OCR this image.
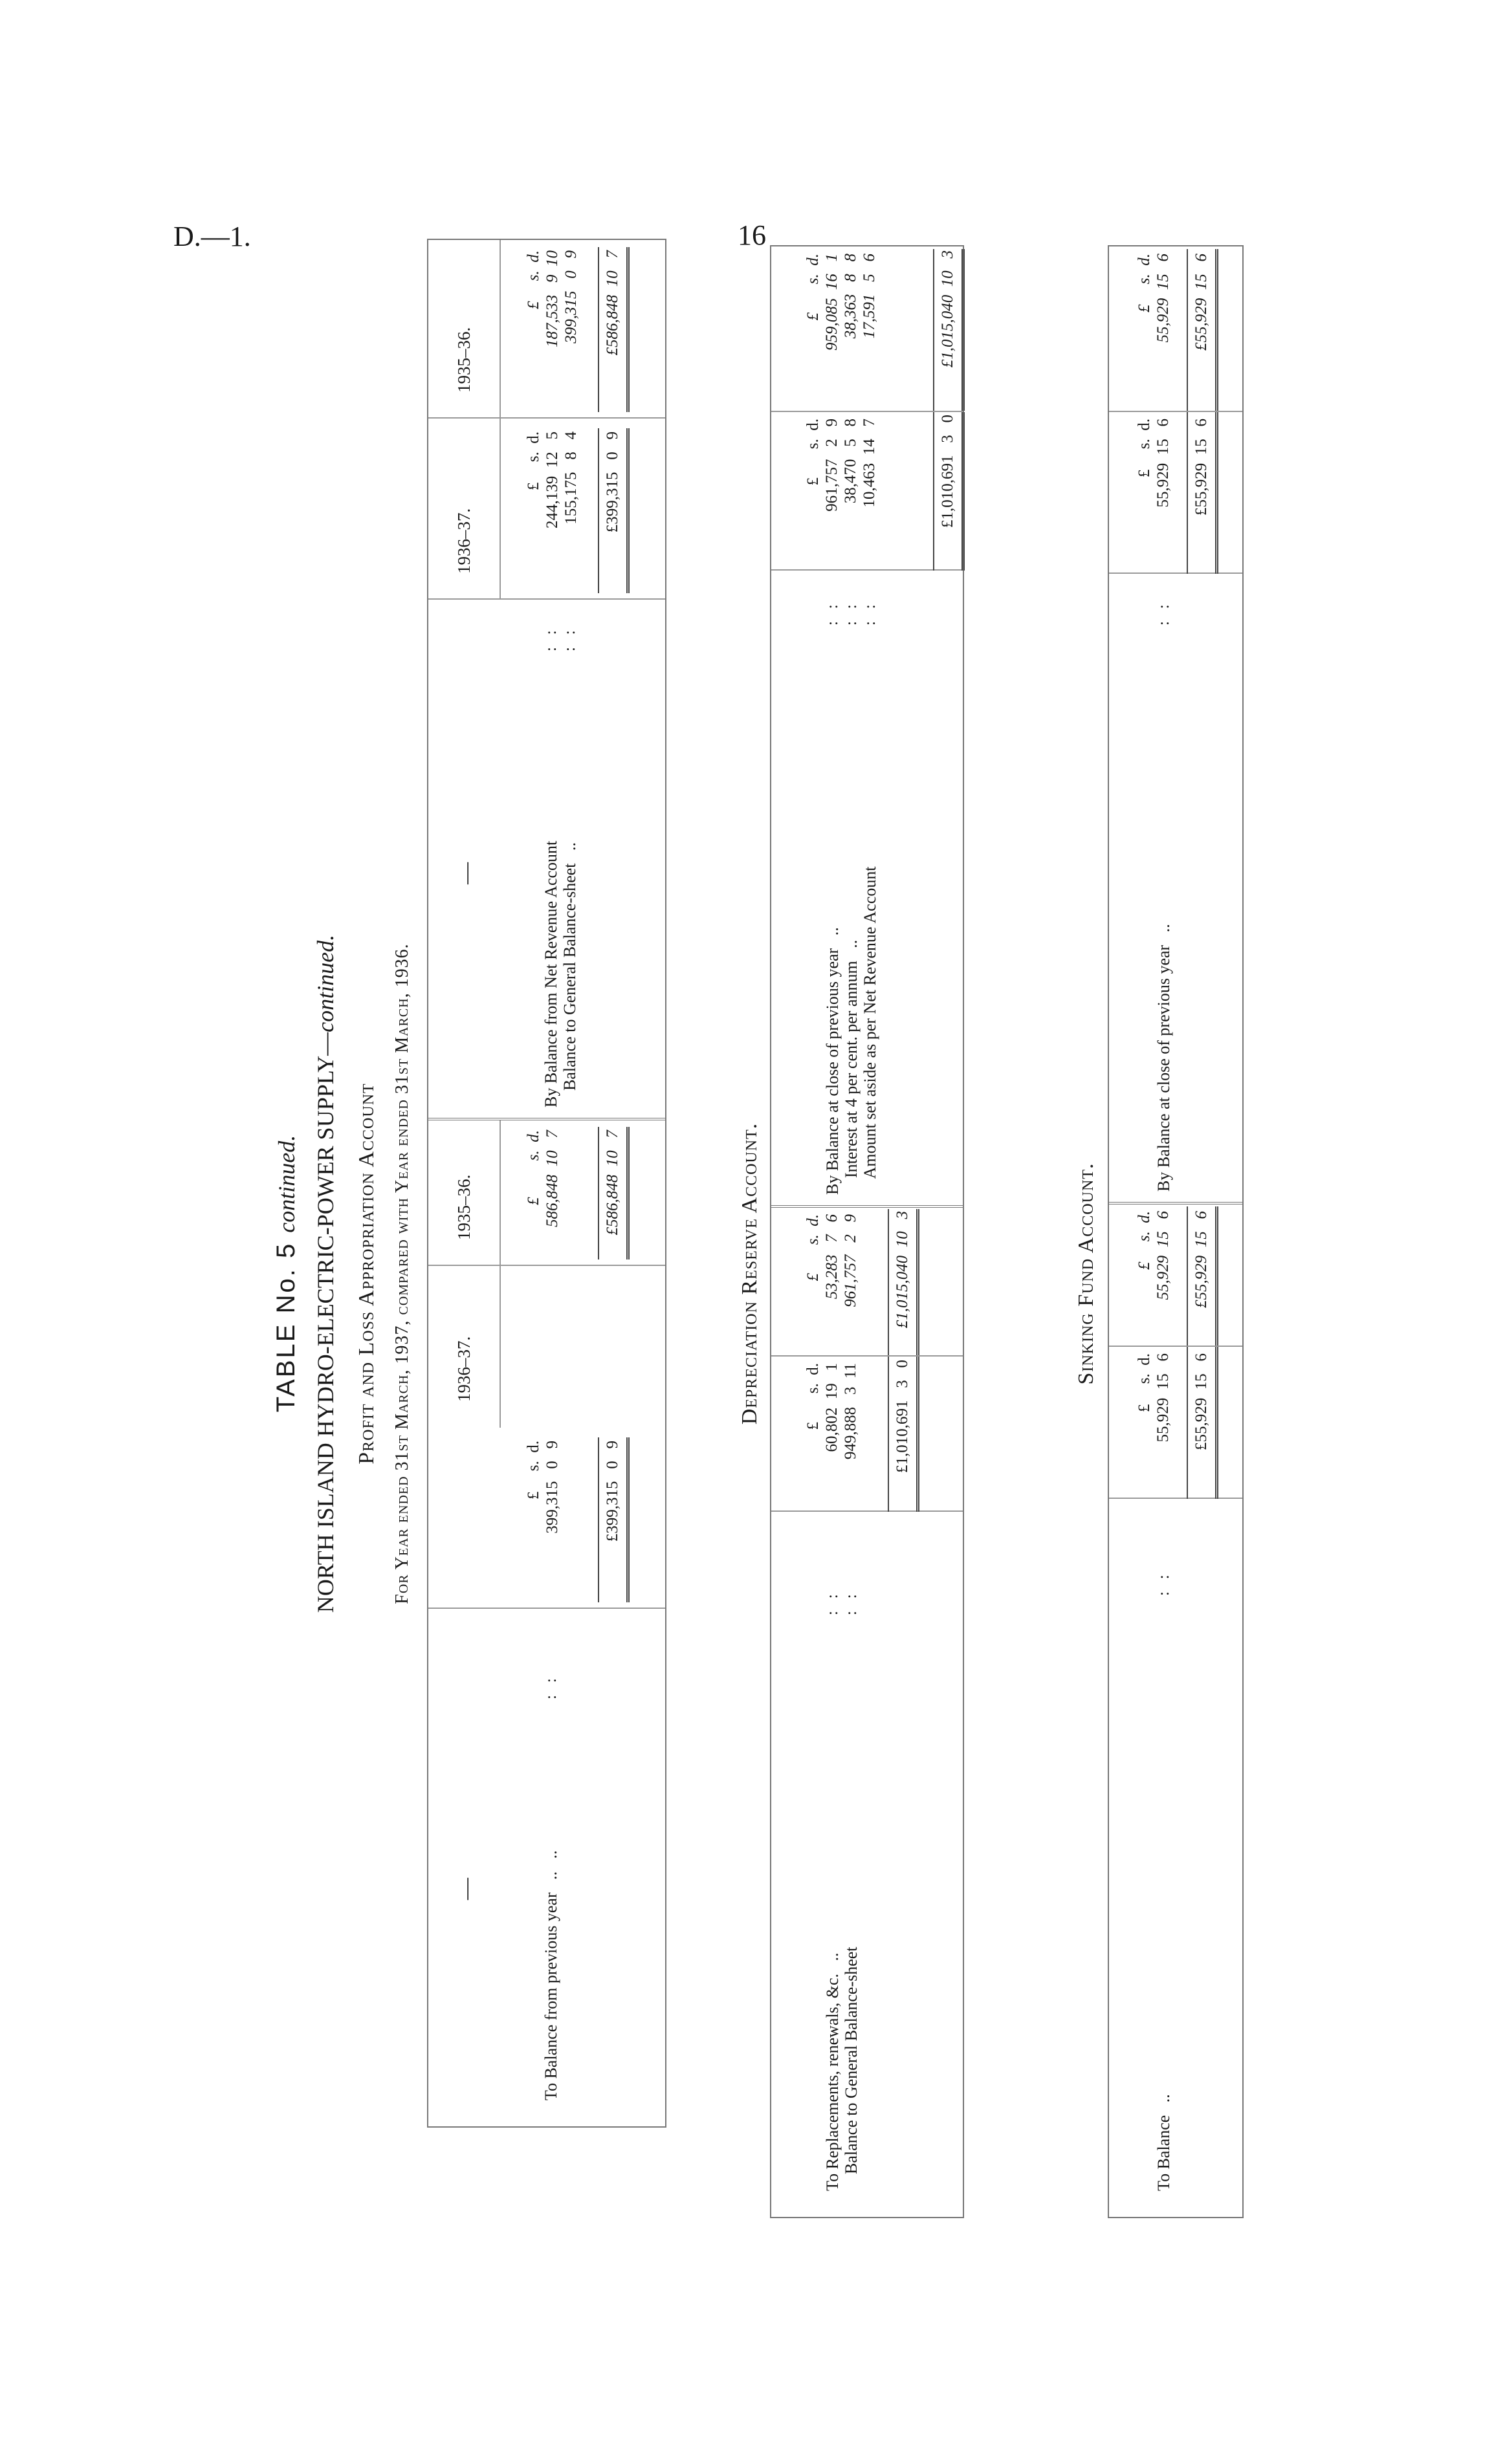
D.—1.	16
TABLE No. 5 continued. NORTH ISLAND HYDRO-ELECTRIC-POWER SUPPLY—continued.
Profit and Loss Appropriation Account For Year ended 31st March, 1937, compared with Year ended 31st March, 1936.
—
—
1936–37.
1935–36.
1936–37.
1935–36.
To Balance from previous year   ..   ..
:   :
£     s.  d.
399,315   0   9
£         s.  d.
586,848  10   7
By Balance from Net Revenue Account
Balance to General Balance-sheet   ..
:   :
:   :
£     s.  d.
244,139  12   5
155,175   8   4
£     s.  d.
187,533   9  10
399,315   0   9
£399,315   0   9
£586,848  10   7
£399,315   0   9
£586,848  10   7
Depreciation Reserve Account.
To Replacements, renewals, &c.   ..
Balance to General Balance-sheet
:   :
:   :
£       s.  d.
60,802  19   1
949,888   3  11
£       s.  d.
53,283   7   6
961,757   2   9
By Balance at close of previous year   ..
Interest at 4 per cent. per annum   ..
Amount set aside as per Net Revenue Account
:   :
:   :
:   :
£       s.  d.
961,757   2   9
38,470   5   8
10,463  14   7
£       s.  d.
959,085  16   1
38,363   8   8
17,591   5   6
£1,010,691   3   0
£1,015,040  10   3
£1,010,691   3   0
£1,015,040  10   3
Sinking Fund Account.
To Balance   ..
:   :
£     s.  d.
55,929  15   6
£     s.  d.
55,929  15   6
By Balance at close of previous year   ..
:   :
£     s.  d.
55,929  15   6
£     s.  d.
55,929  15   6
£55,929  15   6
£55,929  15   6
£55,929  15   6
£55,929  15   6
